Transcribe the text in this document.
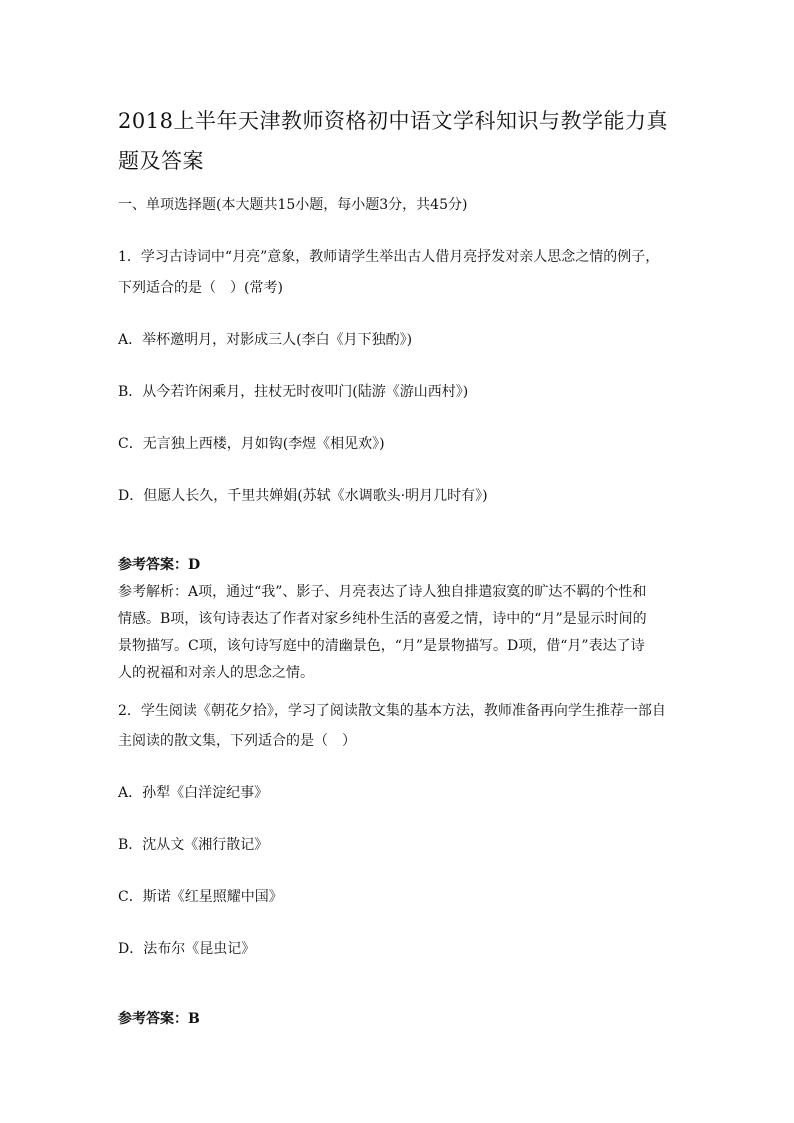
2018上半年天津教师资格初中语文学科知识与教学能力真
题及答案
一、单项选择题(本大题共15小题，每小题3分，共45分)
1．学习古诗词中“月亮”意象，教师请学生举出古人借月亮抒发对亲人思念之情的例子，
下列适合的是（　）(常考)
A．举杯邀明月，对影成三人(李白《月下独酌》)
B．从今若许闲乘月，拄杖无时夜叩门(陆游《游山西村》)
C．无言独上西楼，月如钩(李煜《相见欢》)
D．但愿人长久，千里共婵娟(苏轼《水调歌头·明月几时有》)
参考答案：D
参考解析：A项，通过“我”、影子、月亮表达了诗人独自排遣寂寞的旷达不羁的个性和
情感。B项，该句诗表达了作者对家乡纯朴生活的喜爱之情，诗中的“月”是显示时间的
景物描写。C项，该句诗写庭中的清幽景色，“月”是景物描写。D项，借“月”表达了诗
人的祝福和对亲人的思念之情。
2．学生阅读《朝花夕拾》，学习了阅读散文集的基本方法，教师准备再向学生推荐一部自
主阅读的散文集，下列适合的是（　）
A．孙犁《白洋淀纪事》
B．沈从文《湘行散记》
C．斯诺《红星照耀中国》
D．法布尔《昆虫记》
参考答案：B
